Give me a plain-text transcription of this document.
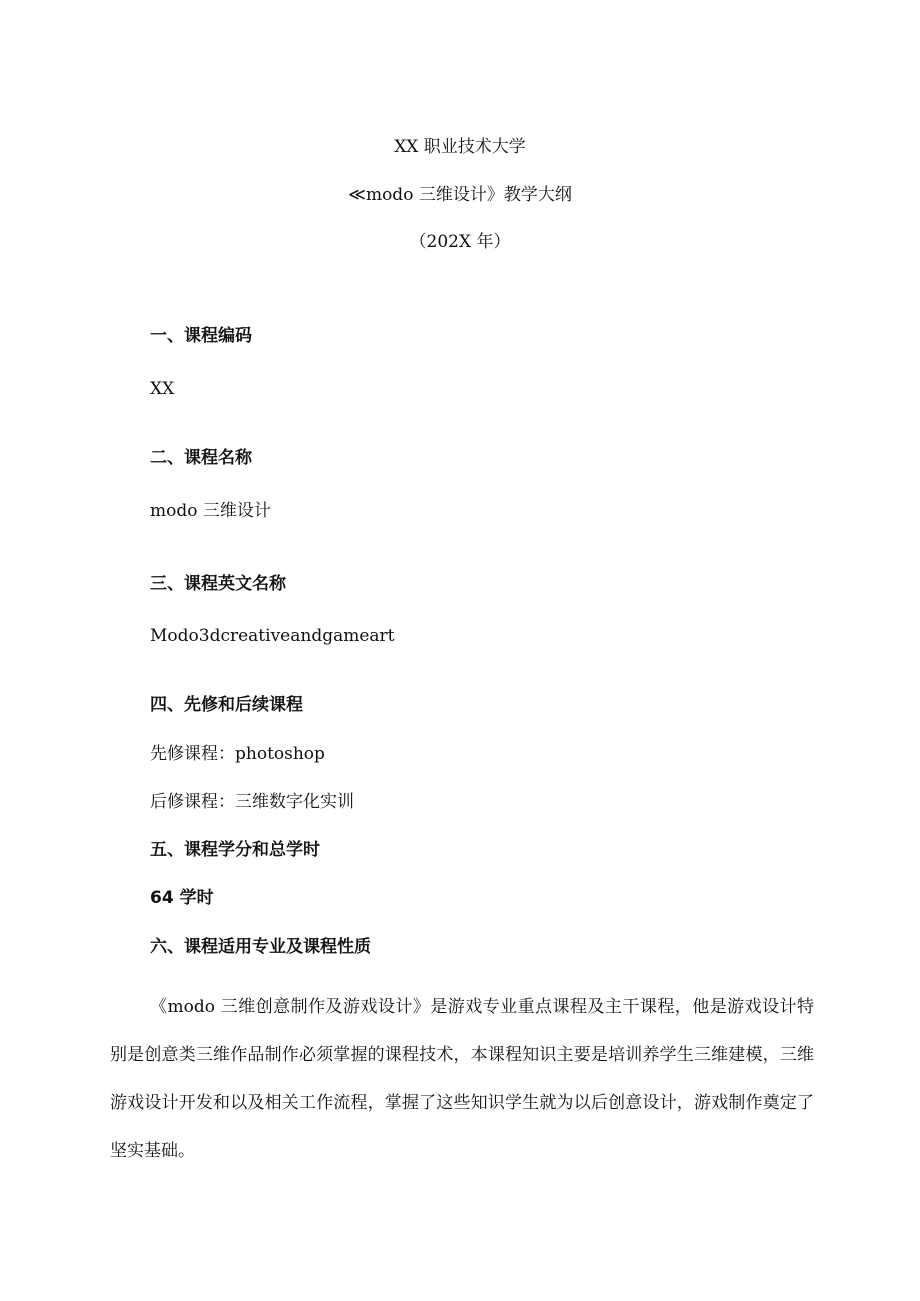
XX 职业技术大学
≪modo 三维设计》教学大纲
（202X 年）
一、课程编码
XX
二、课程名称
modo 三维设计
三、课程英文名称
Modo3dcreativeandgameart
四、先修和后续课程
先修课程：photoshop
后修课程：三维数字化实训
五、课程学分和总学时
64 学时
六、课程适用专业及课程性质
《modo 三维创意制作及游戏设计》是游戏专业重点课程及主干课程，他是游戏设计特别是创意类三维作品制作必须掌握的课程技术，本课程知识主要是培训养学生三维建模，三维游戏设计开发和以及相关工作流程，掌握了这些知识学生就为以后创意设计，游戏制作奠定了坚实基础。
